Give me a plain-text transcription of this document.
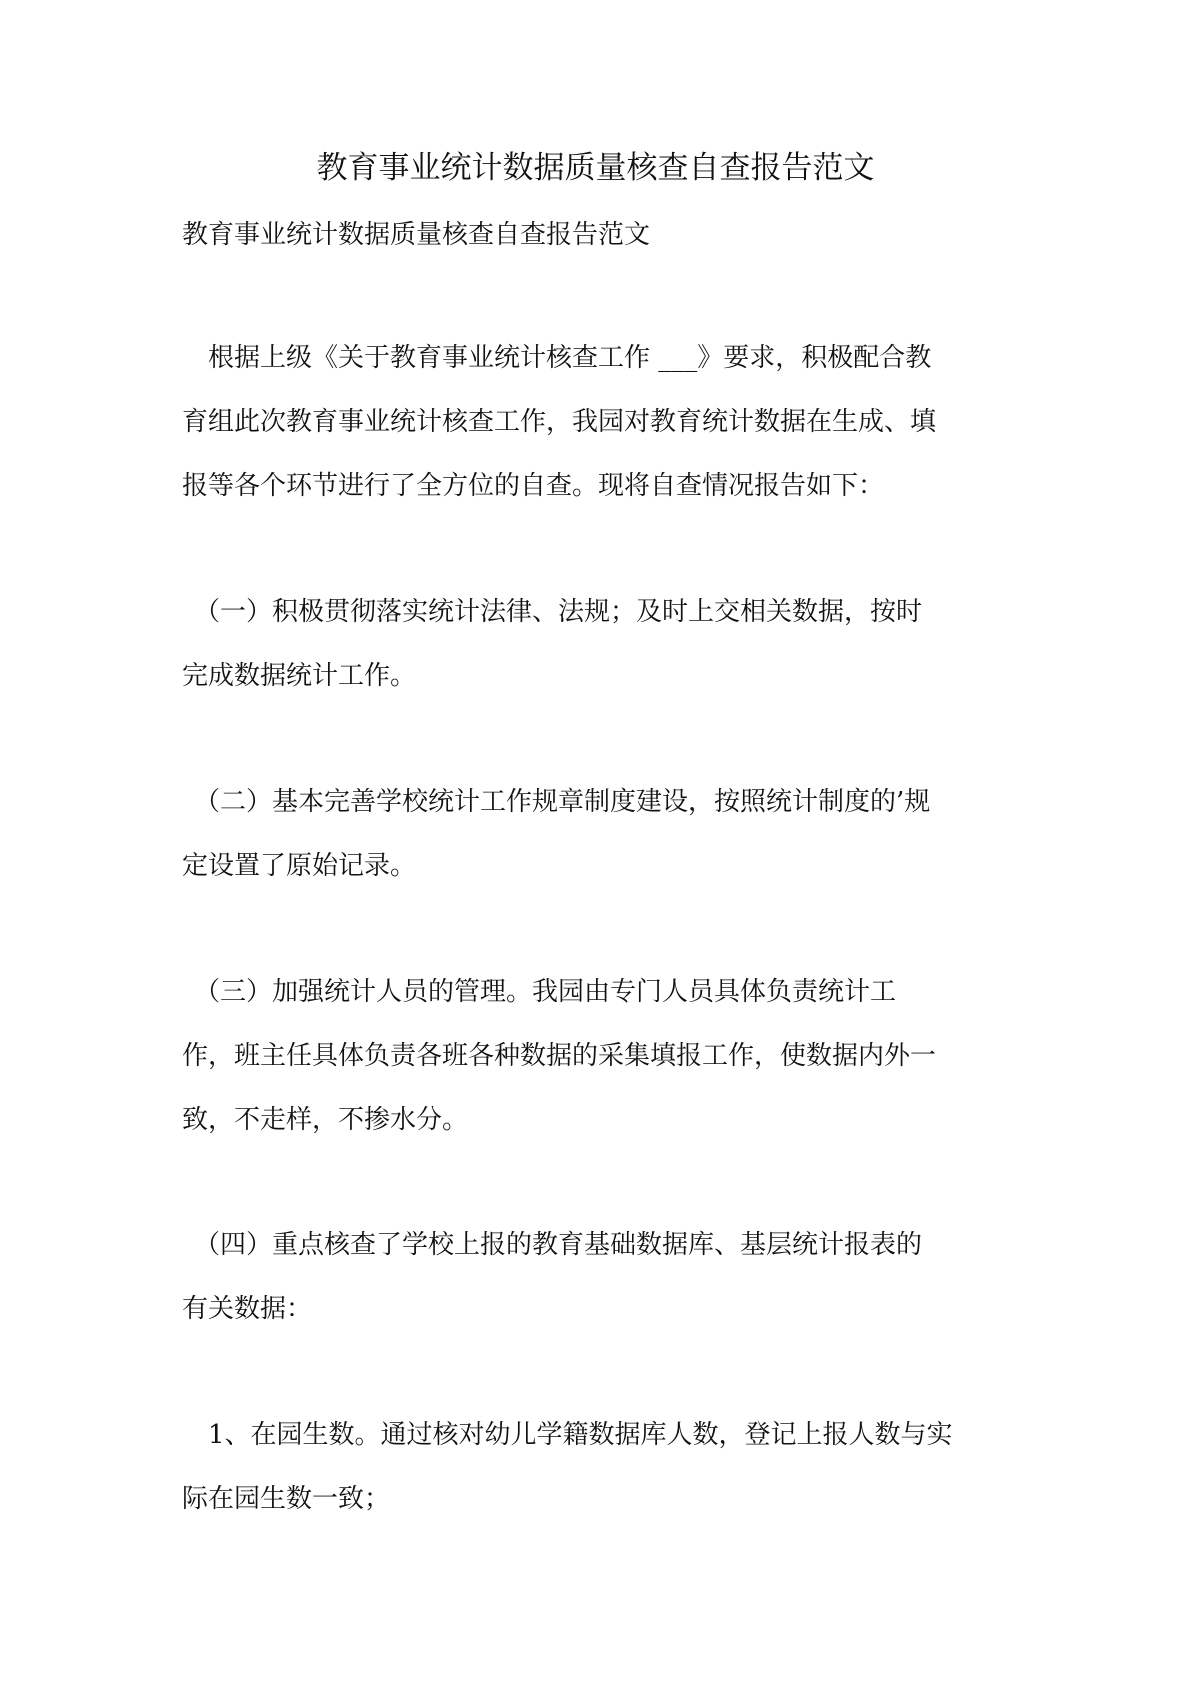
教育事业统计数据质量核查自查报告范文
教育事业统计数据质量核查自查报告范文
根据上级《关于教育事业统计核查工作 ___》要求，积极配合教
育组此次教育事业统计核查工作，我园对教育统计数据在生成、填
报等各个环节进行了全方位的自查。现将自查情况报告如下：
（一）积极贯彻落实统计法律、法规；及时上交相关数据，按时
完成数据统计工作。
（二）基本完善学校统计工作规章制度建设，按照统计制度的’规
定设置了原始记录。
（三）加强统计人员的管理。我园由专门人员具体负责统计工
作，班主任具体负责各班各种数据的采集填报工作，使数据内外一
致，不走样，不掺水分。
（四）重点核查了学校上报的教育基础数据库、基层统计报表的
有关数据：
1、在园生数。通过核对幼儿学籍数据库人数，登记上报人数与实
际在园生数一致；
